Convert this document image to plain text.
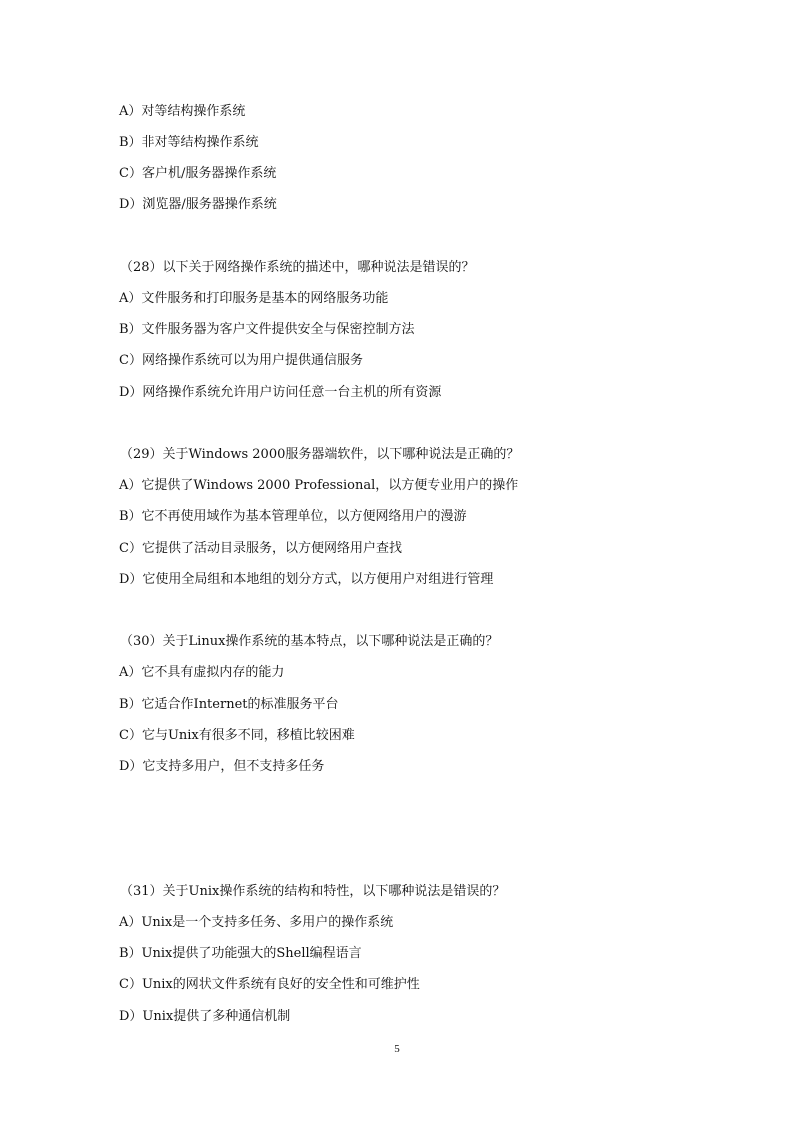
A）对等结构操作系统
B）非对等结构操作系统
C）客户机/服务器操作系统
D）浏览器/服务器操作系统
（28）以下关于网络操作系统的描述中，哪种说法是错误的？
A）文件服务和打印服务是基本的网络服务功能
B）文件服务器为客户文件提供安全与保密控制方法
C）网络操作系统可以为用户提供通信服务
D）网络操作系统允许用户访问任意一台主机的所有资源
（29）关于Windows 2000服务器端软件，以下哪种说法是正确的？
A）它提供了Windows 2000 Professional，以方便专业用户的操作
B）它不再使用域作为基本管理单位，以方便网络用户的漫游
C）它提供了活动目录服务，以方便网络用户查找
D）它使用全局组和本地组的划分方式，以方便用户对组进行管理
（30）关于Linux操作系统的基本特点，以下哪种说法是正确的？
A）它不具有虚拟内存的能力
B）它适合作Internet的标准服务平台
C）它与Unix有很多不同，移植比较困难
D）它支持多用户，但不支持多任务
（31）关于Unix操作系统的结构和特性，以下哪种说法是错误的？
A）Unix是一个支持多任务、多用户的操作系统
B）Unix提供了功能强大的Shell编程语言
C）Unix的网状文件系统有良好的安全性和可维护性
D）Unix提供了多种通信机制
5
